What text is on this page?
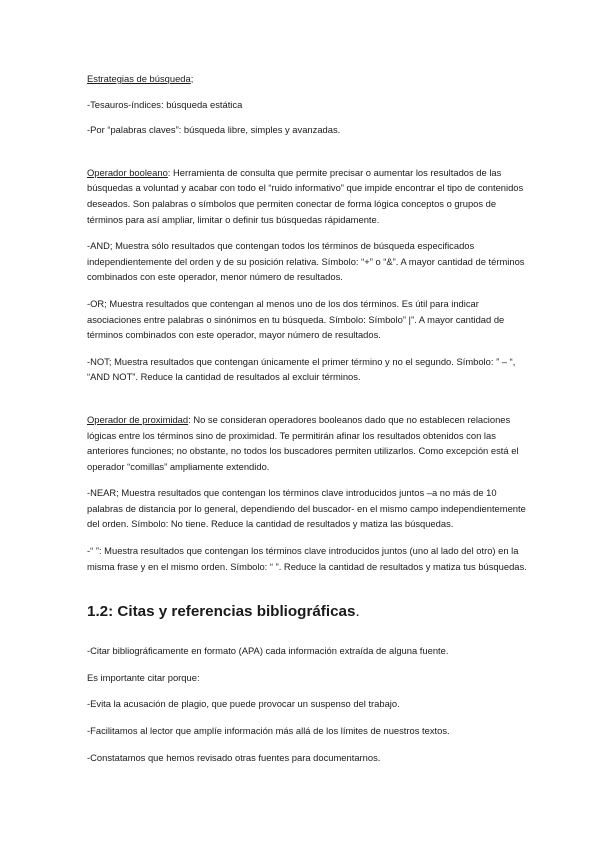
Estrategias de búsqueda;

-Tesauros-índices: búsqueda estática

-Por “palabras claves”: búsqueda libre, simples y avanzadas.

Operador booleano: Herramienta de consulta que permite precisar o aumentar los resultados de las búsquedas a voluntad y acabar con todo el “ruido informativo” que impide encontrar el tipo de contenidos deseados. Son palabras o símbolos que permiten conectar de forma lógica conceptos o grupos de términos para así ampliar, limitar o definir tus búsquedas rápidamente.

-AND; Muestra sólo resultados que contengan todos los términos de búsqueda especificados independientemente del orden y de su posición relativa. Símbolo: “+” o “&”. A mayor cantidad de términos combinados con este operador, menor número de resultados.

-OR; Muestra resultados que contengan al menos uno de los dos términos. Es útil para indicar asociaciones entre palabras o sinónimos en tu búsqueda. Símbolo: Símbolo” |”. A mayor cantidad de términos combinados con este operador, mayor número de resultados.

-NOT; Muestra resultados que contengan únicamente el primer término y no el segundo. Símbolo: ” – “, “AND NOT”. Reduce la cantidad de resultados al excluir términos.

Operador de proximidad: No se consideran operadores booleanos dado que no establecen relaciones lógicas entre los términos sino de proximidad. Te permitirán afinar los resultados obtenidos con las anteriores funciones; no obstante, no todos los buscadores permiten utilizarlos. Como excepción está el operador “comillas” ampliamente extendido.

-NEAR; Muestra resultados que contengan los términos clave introducidos juntos –a no más de 10 palabras de distancia por lo general, dependiendo del buscador- en el mismo campo independientemente del orden. Símbolo: No tiene. Reduce la cantidad de resultados y matiza las búsquedas.

-“ ”: Muestra resultados que contengan los términos clave introducidos juntos (uno al lado del otro) en la misma frase y en el mismo orden. Símbolo: “ ”. Reduce la cantidad de resultados y matiza tus búsquedas.

1.2: Citas y referencias bibliográficas.

-Citar bibliográficamente en formato (APA) cada información extraída de alguna fuente.

Es importante citar porque:

-Evita la acusación de plagio, que puede provocar un suspenso del trabajo.

-Facilitamos al lector que amplíe información más allá de los límites de nuestros textos.

-Constatamos que hemos revisado otras fuentes para documentarnos.
